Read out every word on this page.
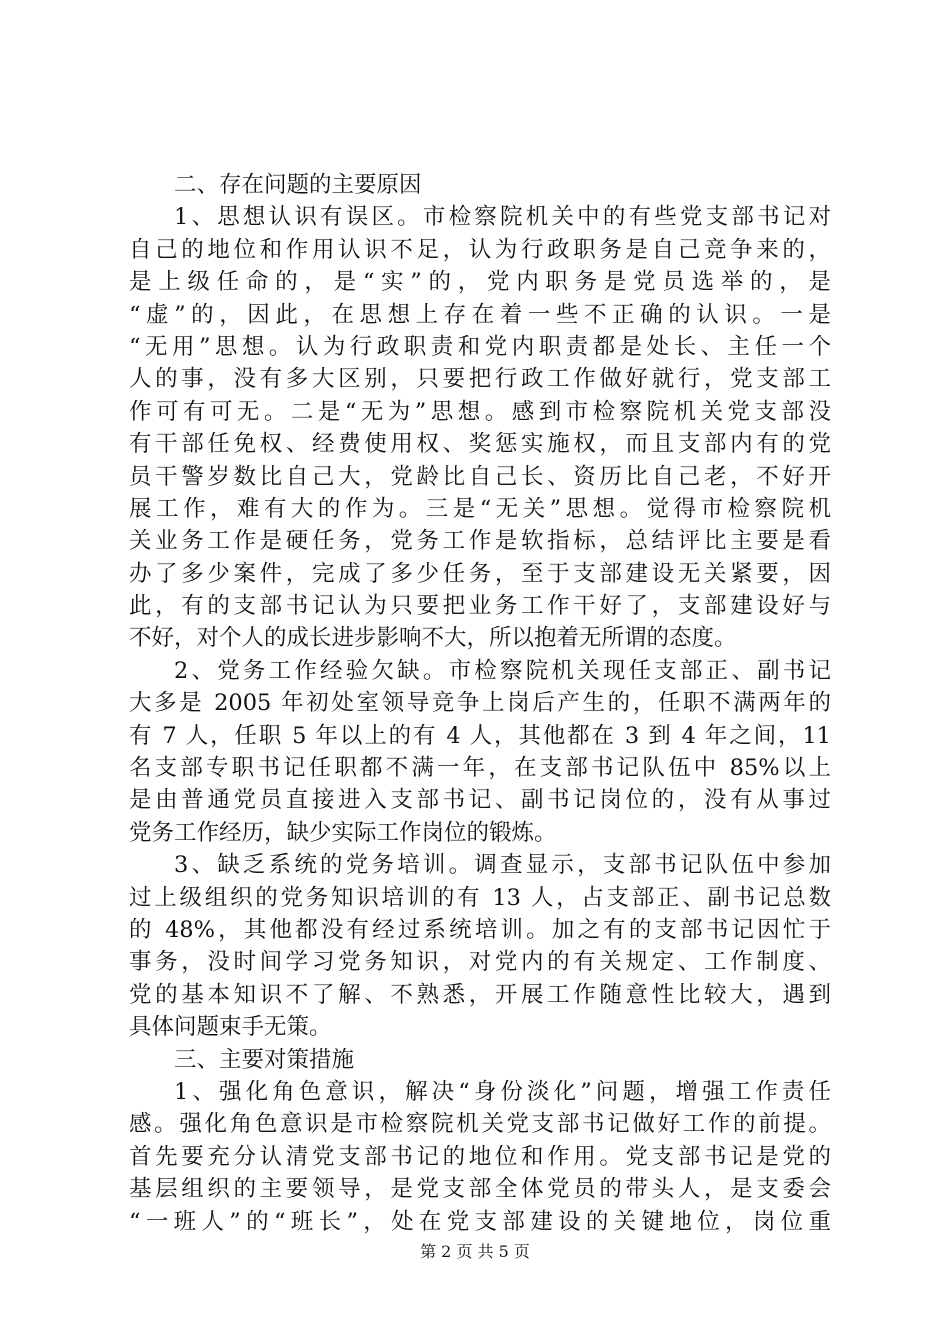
二、存在问题的主要原因
1、思想认识有误区。市检察院机关中的有些党支部书记对
自己的地位和作用认识不足，认为行政职务是自己竞争来的，
是上级任命的，是“实”的，党内职务是党员选举的，是
“虚”的，因此，在思想上存在着一些不正确的认识。一是
“无用”思想。认为行政职责和党内职责都是处长、主任一个
人的事，没有多大区别，只要把行政工作做好就行，党支部工
作可有可无。二是“无为”思想。感到市检察院机关党支部没
有干部任免权、经费使用权、奖惩实施权，而且支部内有的党
员干警岁数比自己大，党龄比自己长、资历比自己老，不好开
展工作，难有大的作为。三是“无关”思想。觉得市检察院机
关业务工作是硬任务，党务工作是软指标，总结评比主要是看
办了多少案件，完成了多少任务，至于支部建设无关紧要，因
此，有的支部书记认为只要把业务工作干好了，支部建设好与
不好，对个人的成长进步影响不大，所以抱着无所谓的态度。
2、党务工作经验欠缺。市检察院机关现任支部正、副书记
大多是 2005 年初处室领导竞争上岗后产生的，任职不满两年的
有 7 人，任职 5 年以上的有 4 人，其他都在 3 到 4 年之间，11
名支部专职书记任职都不满一年，在支部书记队伍中 85%以上
是由普通党员直接进入支部书记、副书记岗位的，没有从事过
党务工作经历，缺少实际工作岗位的锻炼。
3、缺乏系统的党务培训。调查显示，支部书记队伍中参加
过上级组织的党务知识培训的有 13 人，占支部正、副书记总数
的 48%，其他都没有经过系统培训。加之有的支部书记因忙于
事务，没时间学习党务知识，对党内的有关规定、工作制度、
党的基本知识不了解、不熟悉，开展工作随意性比较大，遇到
具体问题束手无策。
三、主要对策措施
1、强化角色意识，解决“身份淡化”问题，增强工作责任
感。强化角色意识是市检察院机关党支部书记做好工作的前提。
首先要充分认清党支部书记的地位和作用。党支部书记是党的
基层组织的主要领导，是党支部全体党员的带头人，是支委会
“一班人”的“班长”，处在党支部建设的关键地位，岗位重
第 2 页 共 5 页
